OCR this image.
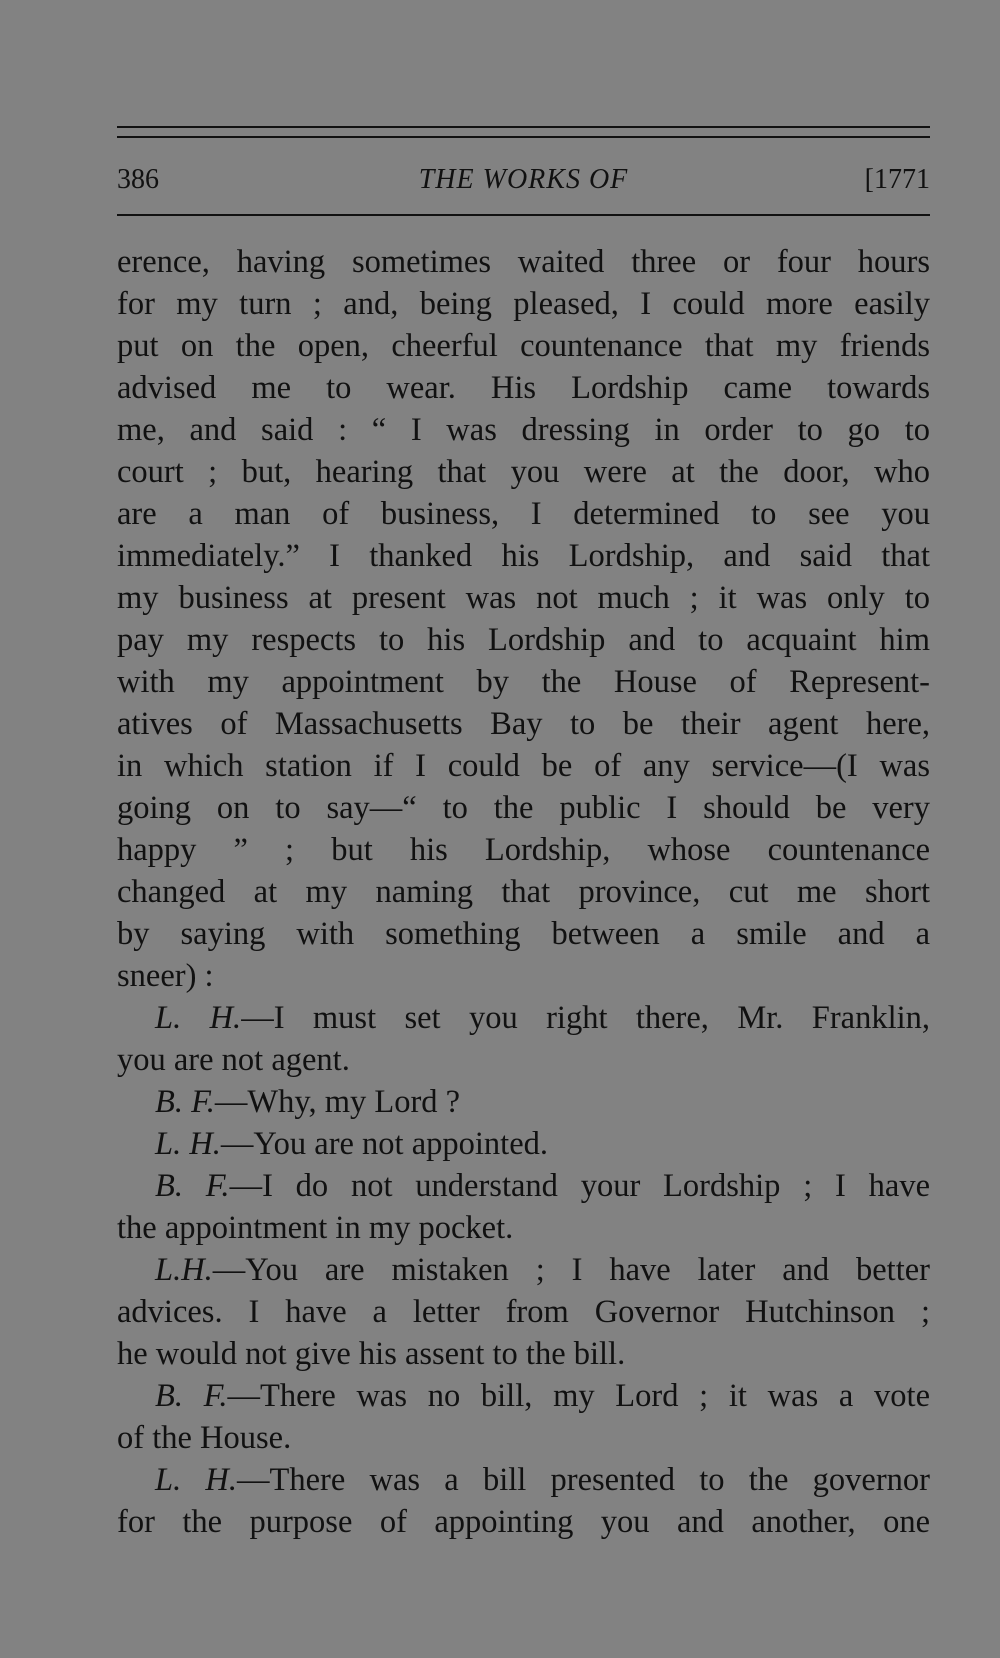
386	THE WORKS OF	[1771
erence, having sometimes waited three or four hours
for my turn ; and, being pleased, I could more easily
put on the open, cheerful countenance that my friends
advised me to wear. His Lordship came towards
me, and said : “ I was dressing in order to go to
court ; but, hearing that you were at the door, who
are a man of business, I determined to see you
immediately.” I thanked his Lordship, and said that
my business at present was not much ; it was only to
pay my respects to his Lordship and to acquaint him
with my appointment by the House of Represent-
atives of Massachusetts Bay to be their agent here,
in which station if I could be of any service—(I was
going on to say—“ to the public I should be very
happy ” ; but his Lordship, whose countenance
changed at my naming that province, cut me short
by saying with something between a smile and a
sneer) :
L. H.—I must set you right there, Mr. Franklin,
you are not agent.
B. F.—Why, my Lord ?
L. H.—You are not appointed.
B. F.—I do not understand your Lordship ; I have
the appointment in my pocket.
L.H.—You are mistaken ; I have later and better
advices. I have a letter from Governor Hutchinson ;
he would not give his assent to the bill.
B. F.—There was no bill, my Lord ; it was a vote
of the House.
L. H.—There was a bill presented to the governor
for the purpose of appointing you and another, one
